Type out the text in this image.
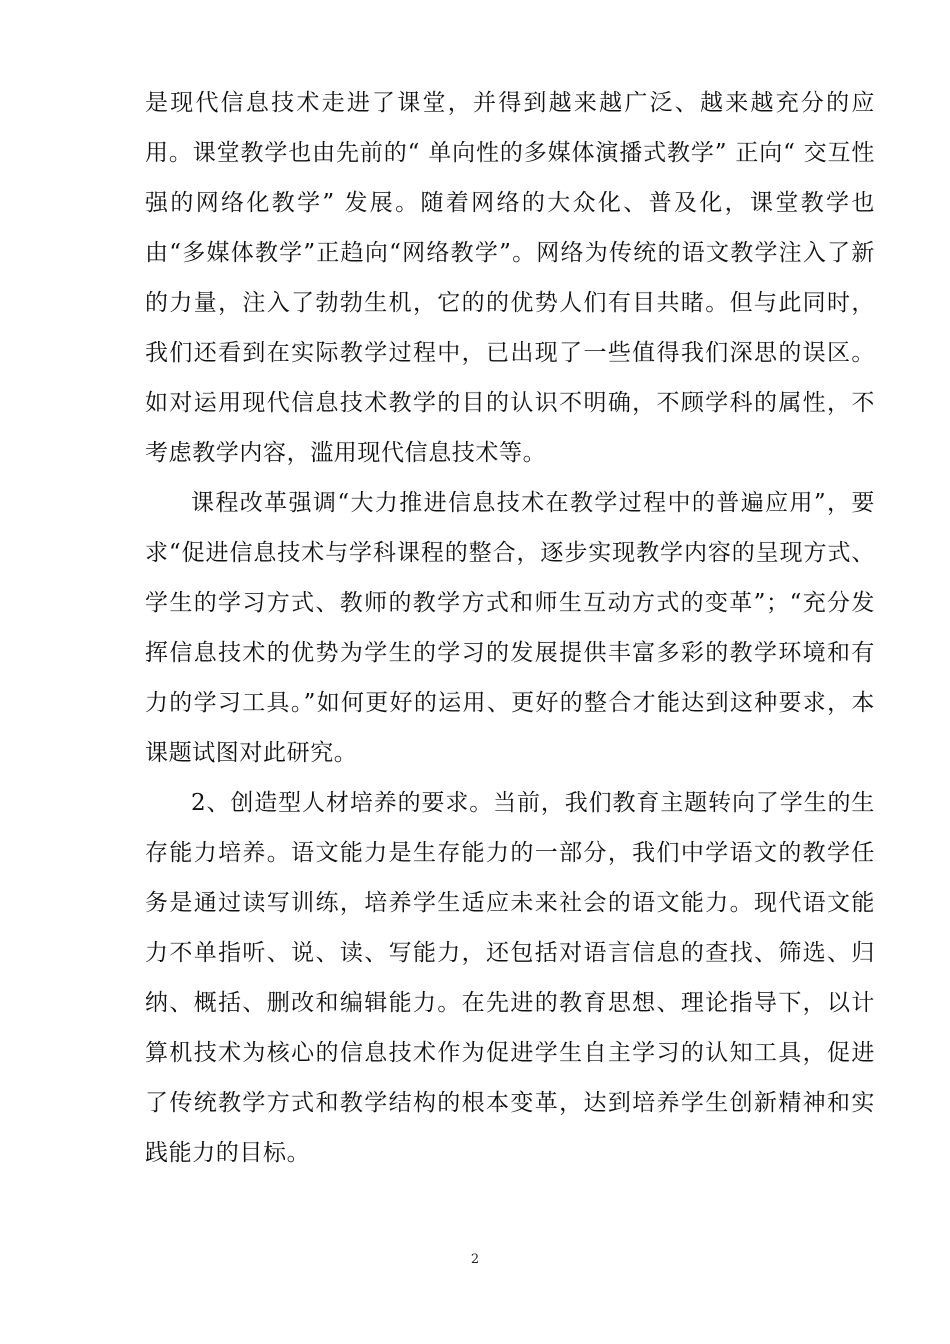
是现代信息技术走进了课堂，并得到越来越广泛、越来越充分的应用。课堂教学也由先前的“ 单向性的多媒体演播式教学” 正向“ 交互性强的网络化教学” 发展。随着网络的大众化、普及化，课堂教学也由“多媒体教学”正趋向“网络教学”。网络为传统的语文教学注入了新的力量，注入了勃勃生机，它的的优势人们有目共睹。但与此同时，我们还看到在实际教学过程中，已出现了一些值得我们深思的误区。如对运用现代信息技术教学的目的认识不明确，不顾学科的属性，不考虑教学内容，滥用现代信息技术等。

课程改革强调“大力推进信息技术在教学过程中的普遍应用”，要求“促进信息技术与学科课程的整合，逐步实现教学内容的呈现方式、学生的学习方式、教师的教学方式和师生互动方式的变革”；“充分发挥信息技术的优势为学生的学习的发展提供丰富多彩的教学环境和有力的学习工具。”如何更好的运用、更好的整合才能达到这种要求，本课题试图对此研究。

2、创造型人材培养的要求。当前，我们教育主题转向了学生的生存能力培养。语文能力是生存能力的一部分，我们中学语文的教学任务是通过读写训练，培养学生适应未来社会的语文能力。现代语文能力不单指听、说、读、写能力，还包括对语言信息的查找、筛选、归纳、概括、删改和编辑能力。在先进的教育思想、理论指导下，以计算机技术为核心的信息技术作为促进学生自主学习的认知工具，促进了传统教学方式和教学结构的根本变革，达到培养学生创新精神和实践能力的目标。

2
